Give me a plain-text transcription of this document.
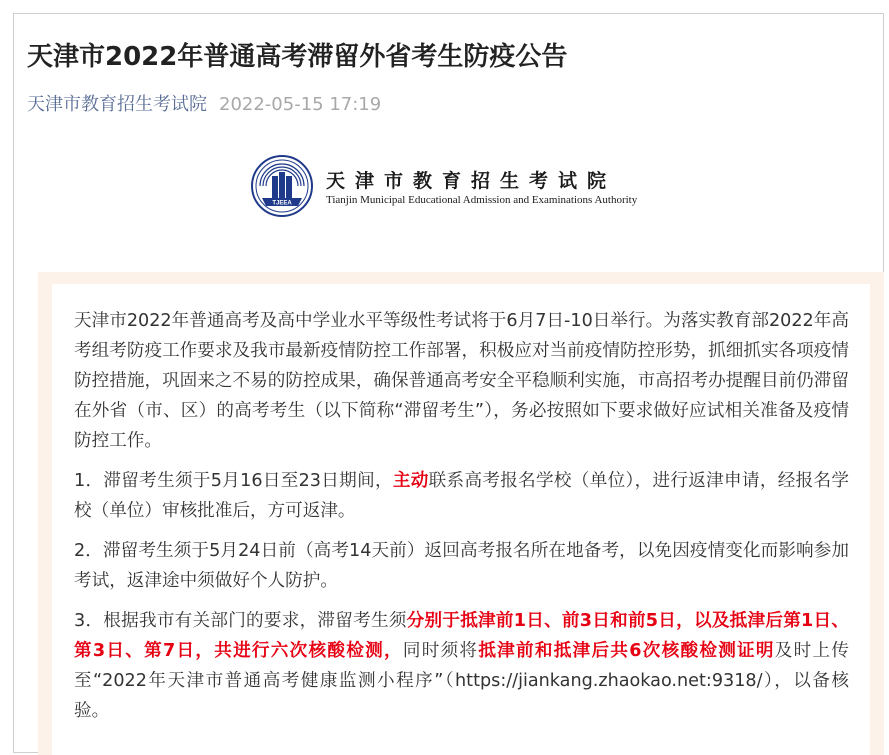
天津市2022年普通高考滞留外省考生防疫公告
天津市教育招生考试院 2022-05-15 17:19
TJEEA
天津市教育招生考试院
Tianjin Municipal Educational Admission and Examinations Authority

天津市2022年普通高考及高中学业水平等级性考试将于6月7日-10日举行。为落实教育部2022年高考组考防疫工作要求及我市最新疫情防控工作部署，积极应对当前疫情防控形势，抓细抓实各项疫情防控措施，巩固来之不易的防控成果，确保普通高考安全平稳顺利实施，市高招考办提醒目前仍滞留在外省（市、区）的高考考生（以下简称“滞留考生”），务必按照如下要求做好应试相关准备及疫情防控工作。

1．滞留考生须于5月16日至23日期间，主动联系高考报名学校（单位），进行返津申请，经报名学校（单位）审核批准后，方可返津。

2．滞留考生须于5月24日前（高考14天前）返回高考报名所在地备考，以免因疫情变化而影响参加考试，返津途中须做好个人防护。

3．根据我市有关部门的要求，滞留考生须分别于抵津前1日、前3日和前5日，以及抵津后第1日、第3日、第7日，共进行六次核酸检测，同时须将抵津前和抵津后共6次核酸检测证明及时上传至“2022年天津市普通高考健康监测小程序”（https://jiankang.zhaokao.net:9318/），以备核验。
